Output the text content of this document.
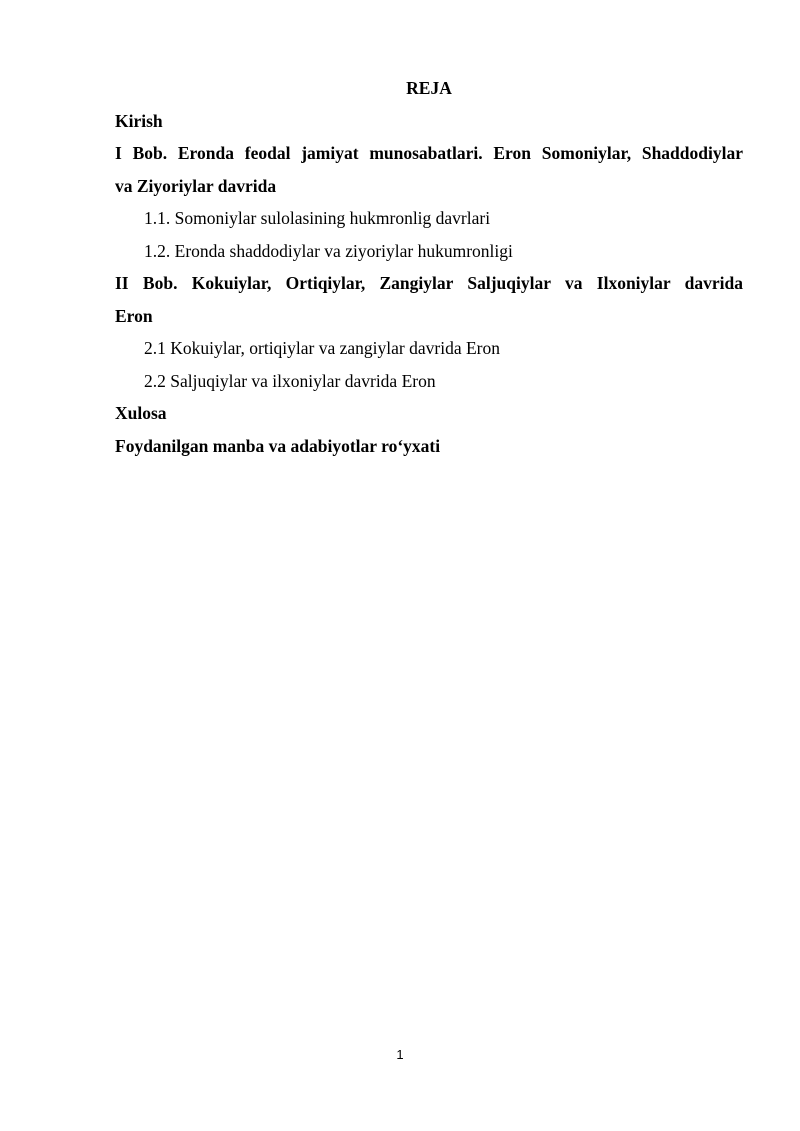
REJA
Kirish
I Bob. Eronda feodal jamiyat munosabatlari. Eron Somoniylar, Shaddodiylar
va Ziyoriylar davrida
1.1. Somoniylar sulolasining hukmronlig davrlari
1.2. Eronda shaddodiylar va ziyoriylar hukumronligi
II Bob. Kokuiylar, Ortiqiylar, Zangiylar Saljuqiylar va Ilxoniylar davrida
Eron
2.1 Kokuiylar, ortiqiylar va zangiylar davrida Eron
2.2 Saljuqiylar va ilxoniylar davrida Eron
Xulosa
Foydanilgan manba va adabiyotlar ro‘yxati
1
